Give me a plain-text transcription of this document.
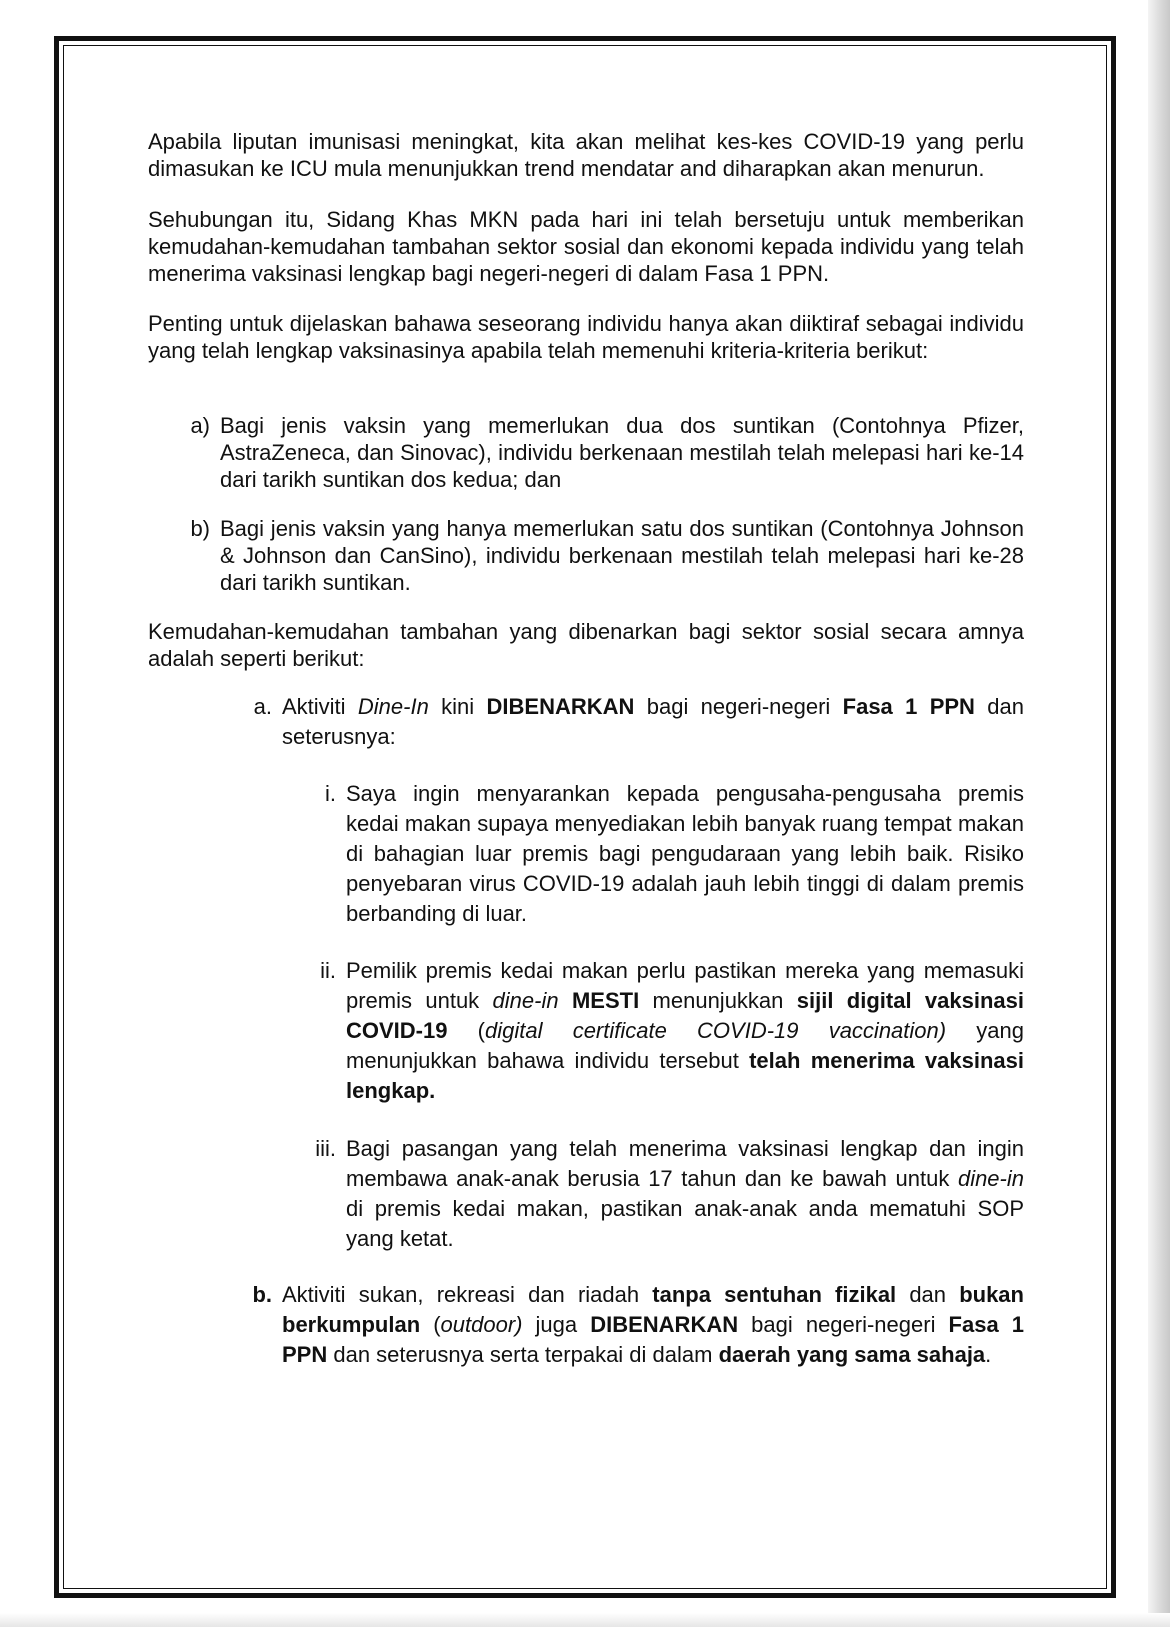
Apabila liputan imunisasi meningkat, kita akan melihat kes-kes COVID-19 yang perlu dimasukan ke ICU mula menunjukkan trend mendatar and diharapkan akan menurun.

Sehubungan itu, Sidang Khas MKN pada hari ini telah bersetuju untuk memberikan kemudahan-kemudahan tambahan sektor sosial dan ekonomi kepada individu yang telah menerima vaksinasi lengkap bagi negeri-negeri di dalam Fasa 1 PPN.

Penting untuk dijelaskan bahawa seseorang individu hanya akan diiktiraf sebagai individu yang telah lengkap vaksinasinya apabila telah memenuhi kriteria-kriteria berikut:

a) Bagi jenis vaksin yang memerlukan dua dos suntikan (Contohnya Pfizer, AstraZeneca, dan Sinovac), individu berkenaan mestilah telah melepasi hari ke-14 dari tarikh suntikan dos kedua; dan
b) Bagi jenis vaksin yang hanya memerlukan satu dos suntikan (Contohnya Johnson & Johnson dan CanSino), individu berkenaan mestilah telah melepasi hari ke-28 dari tarikh suntikan.

Kemudahan-kemudahan tambahan yang dibenarkan bagi sektor sosial secara amnya adalah seperti berikut:

a. Aktiviti Dine-In kini DIBENARKAN bagi negeri-negeri Fasa 1 PPN dan seterusnya:
i. Saya ingin menyarankan kepada pengusaha-pengusaha premis kedai makan supaya menyediakan lebih banyak ruang tempat makan di bahagian luar premis bagi pengudaraan yang lebih baik. Risiko penyebaran virus COVID-19 adalah jauh lebih tinggi di dalam premis berbanding di luar.
ii. Pemilik premis kedai makan perlu pastikan mereka yang memasuki premis untuk dine-in MESTI menunjukkan sijil digital vaksinasi COVID-19 (digital certificate COVID-19 vaccination) yang menunjukkan bahawa individu tersebut telah menerima vaksinasi lengkap.
iii. Bagi pasangan yang telah menerima vaksinasi lengkap dan ingin membawa anak-anak berusia 17 tahun dan ke bawah untuk dine-in di premis kedai makan, pastikan anak-anak anda mematuhi SOP yang ketat.
b. Aktiviti sukan, rekreasi dan riadah tanpa sentuhan fizikal dan bukan berkumpulan (outdoor) juga DIBENARKAN bagi negeri-negeri Fasa 1 PPN dan seterusnya serta terpakai di dalam daerah yang sama sahaja.
